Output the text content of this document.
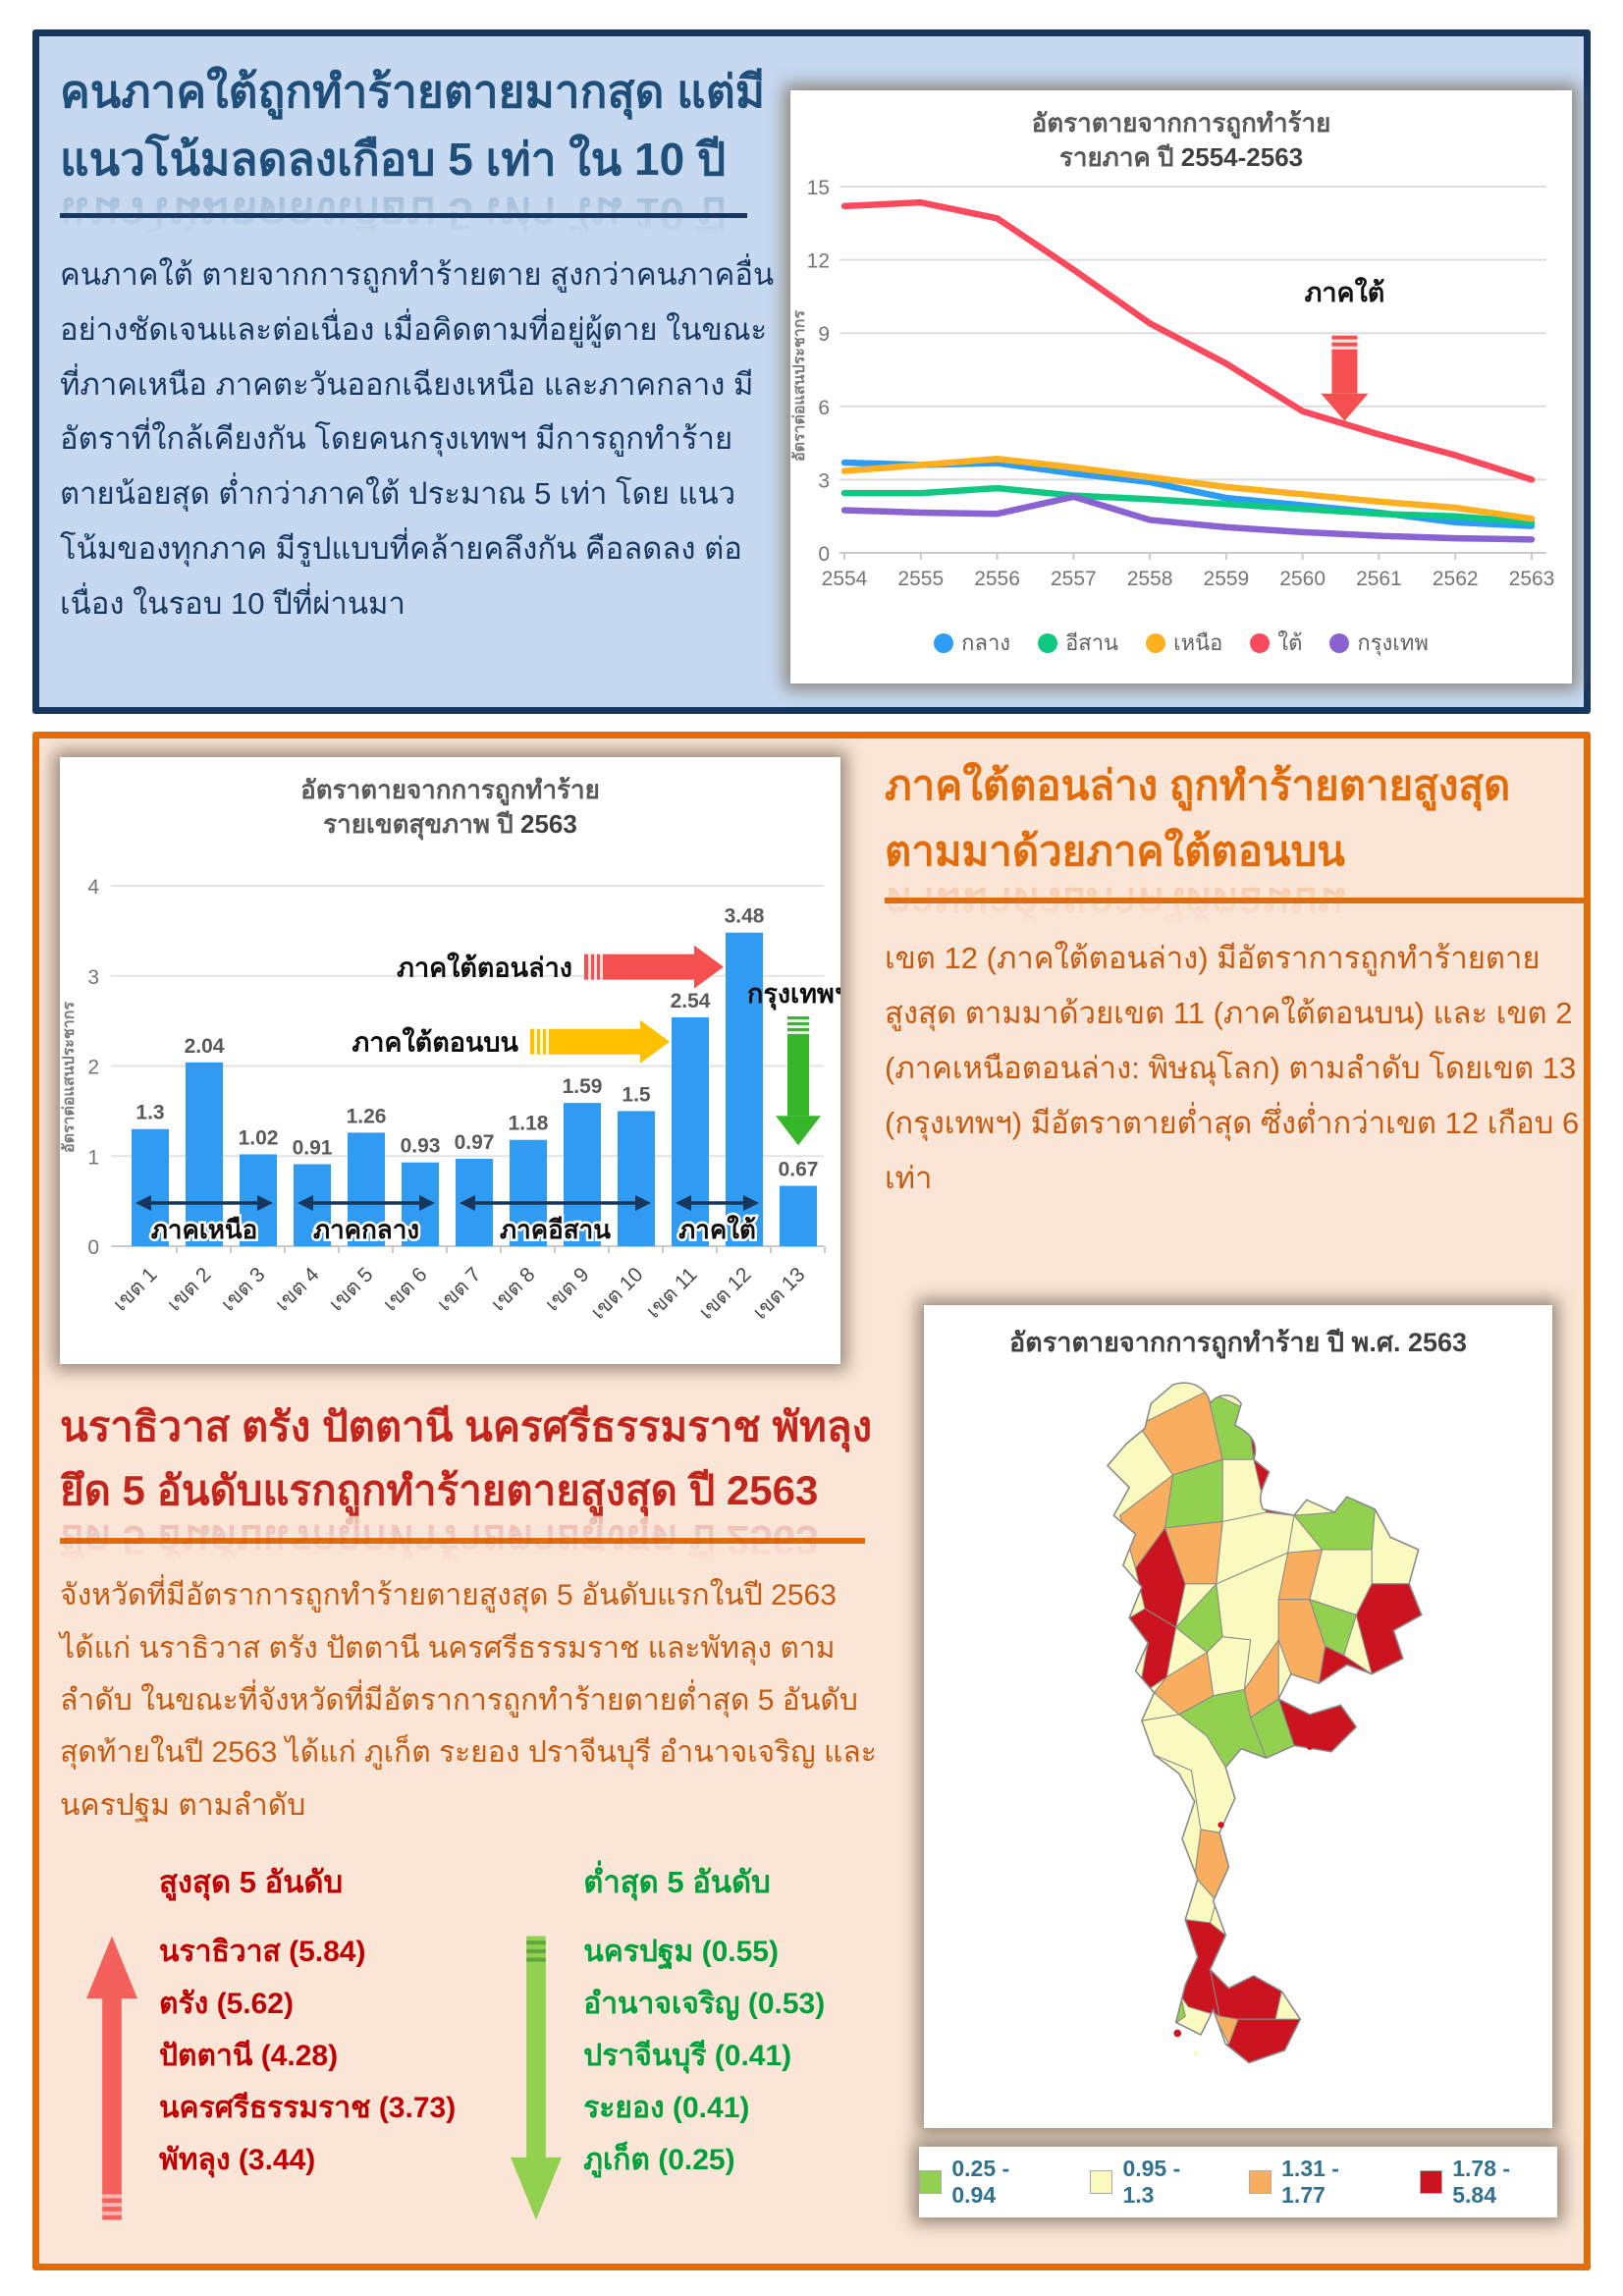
คนภาคใต้ถูกทำร้ายตายมากสุด แต่มี
แนวโน้มลดลงเกือบ 5 เท่า ใน 10 ปี

คนภาคใต้ ตายจากการถูกทำร้ายตาย สูงกว่าคนภาคอื่น อย่างชัดเจนและต่อเนื่อง เมื่อคิดตามที่อยู่ผู้ตาย ในขณะ ที่ภาคเหนือ ภาคตะวันออกเฉียงเหนือ และภาคกลาง มี อัตราที่ใกล้เคียงกัน โดยคนกรุงเทพฯ มีการถูกทำร้าย ตายน้อยสุด ต่ำกว่าภาคใต้ ประมาณ 5 เท่า โดย แนวโน้มของทุกภาค มีรูปแบบที่คล้ายคลึงกัน คือลดลง ต่อเนื่อง ในรอบ 10 ปีที่ผ่านมา

อัตราตายจากการถูกทำร้าย
รายภาค ปี 2554-2563
0
3
6
9
12
15
2554 2555 2556 2557 2558 2559 2560 2561 2562 2563
อัตราต่อแสนประชากร
ภาคใต้
กลาง	อีสาน	เหนือ	ใต้	กรุงเทพ
อัตราตายจากการถูกทำร้าย
รายเขตสุขภาพ ปี 2563
0
1
2
3
4
อัตราต่อแสนประชากร	1.3
เขต 1
2.04
เขต 2
1.02
เขต 3
0.91
เขต 4
1.26
เขต 5
0.93
เขต 6
0.97
เขต 7
1.18
เขต 8
1.59
เขต 9
1.5
เขต 10
2.54
เขต 11
3.48
เขต 12
0.67
เขต 13
ภาคเหนือ ภาคกลาง	ภาคอีสาน	ภาคใต้
ภาคใต้ตอนล่าง
ภาคใต้ตอนบน
กรุงเทพฯ
ภาคใต้ตอนล่าง ถูกทำร้ายตายสูงสุด
ตามมาด้วยภาคใต้ตอนบน

เขต 12 (ภาคใต้ตอนล่าง) มีอัตราการถูกทำร้ายตาย สูงสุด ตามมาด้วยเขต 11 (ภาคใต้ตอนบน) และ เขต 2 (ภาคเหนือตอนล่าง: พิษณุโลก) ตามลำดับ โดยเขต 13 (กรุงเทพฯ) มีอัตราตายต่ำสุด ซึ่งต่ำกว่าเขต 12 เกือบ 6 เท่า

นราธิวาส ตรัง ปัตตานี นครศรีธรรมราช พัทลุง
ยึด 5 อันดับแรกถูกทำร้ายตายสูงสุด ปี 2563

จังหวัดที่มีอัตราการถูกทำร้ายตายสูงสุด 5 อันดับแรกในปี 2563 ได้แก่ นราธิวาส ตรัง ปัตตานี นครศรีธรรมราช และพัทลุง ตามลำดับ ในขณะที่จังหวัดที่มีอัตราการถูกทำร้ายตายต่ำสุด 5 อันดับสุดท้ายในปี 2563 ได้แก่ ภูเก็ต ระยอง ปราจีนบุรี อำนาจเจริญ และนครปฐม ตามลำดับ

สูงสุด 5 อันดับ
นราธิวาส (5.84)
ตรัง (5.62)
ปัตตานี (4.28)
นครศรีธรรมราช (3.73)
พัทลุง (3.44)
ต่ำสุด 5 อันดับ
นครปฐม (0.55)
อำนาจเจริญ (0.53)
ปราจีนบุรี (0.41)
ระยอง (0.41)
ภูเก็ต (0.25)
อัตราตายจากการถูกทำร้าย ปี พ.ศ. 2563
0.25 - 0.94
0.95 - 1.3
1.31 - 1.77
1.78 - 5.84
